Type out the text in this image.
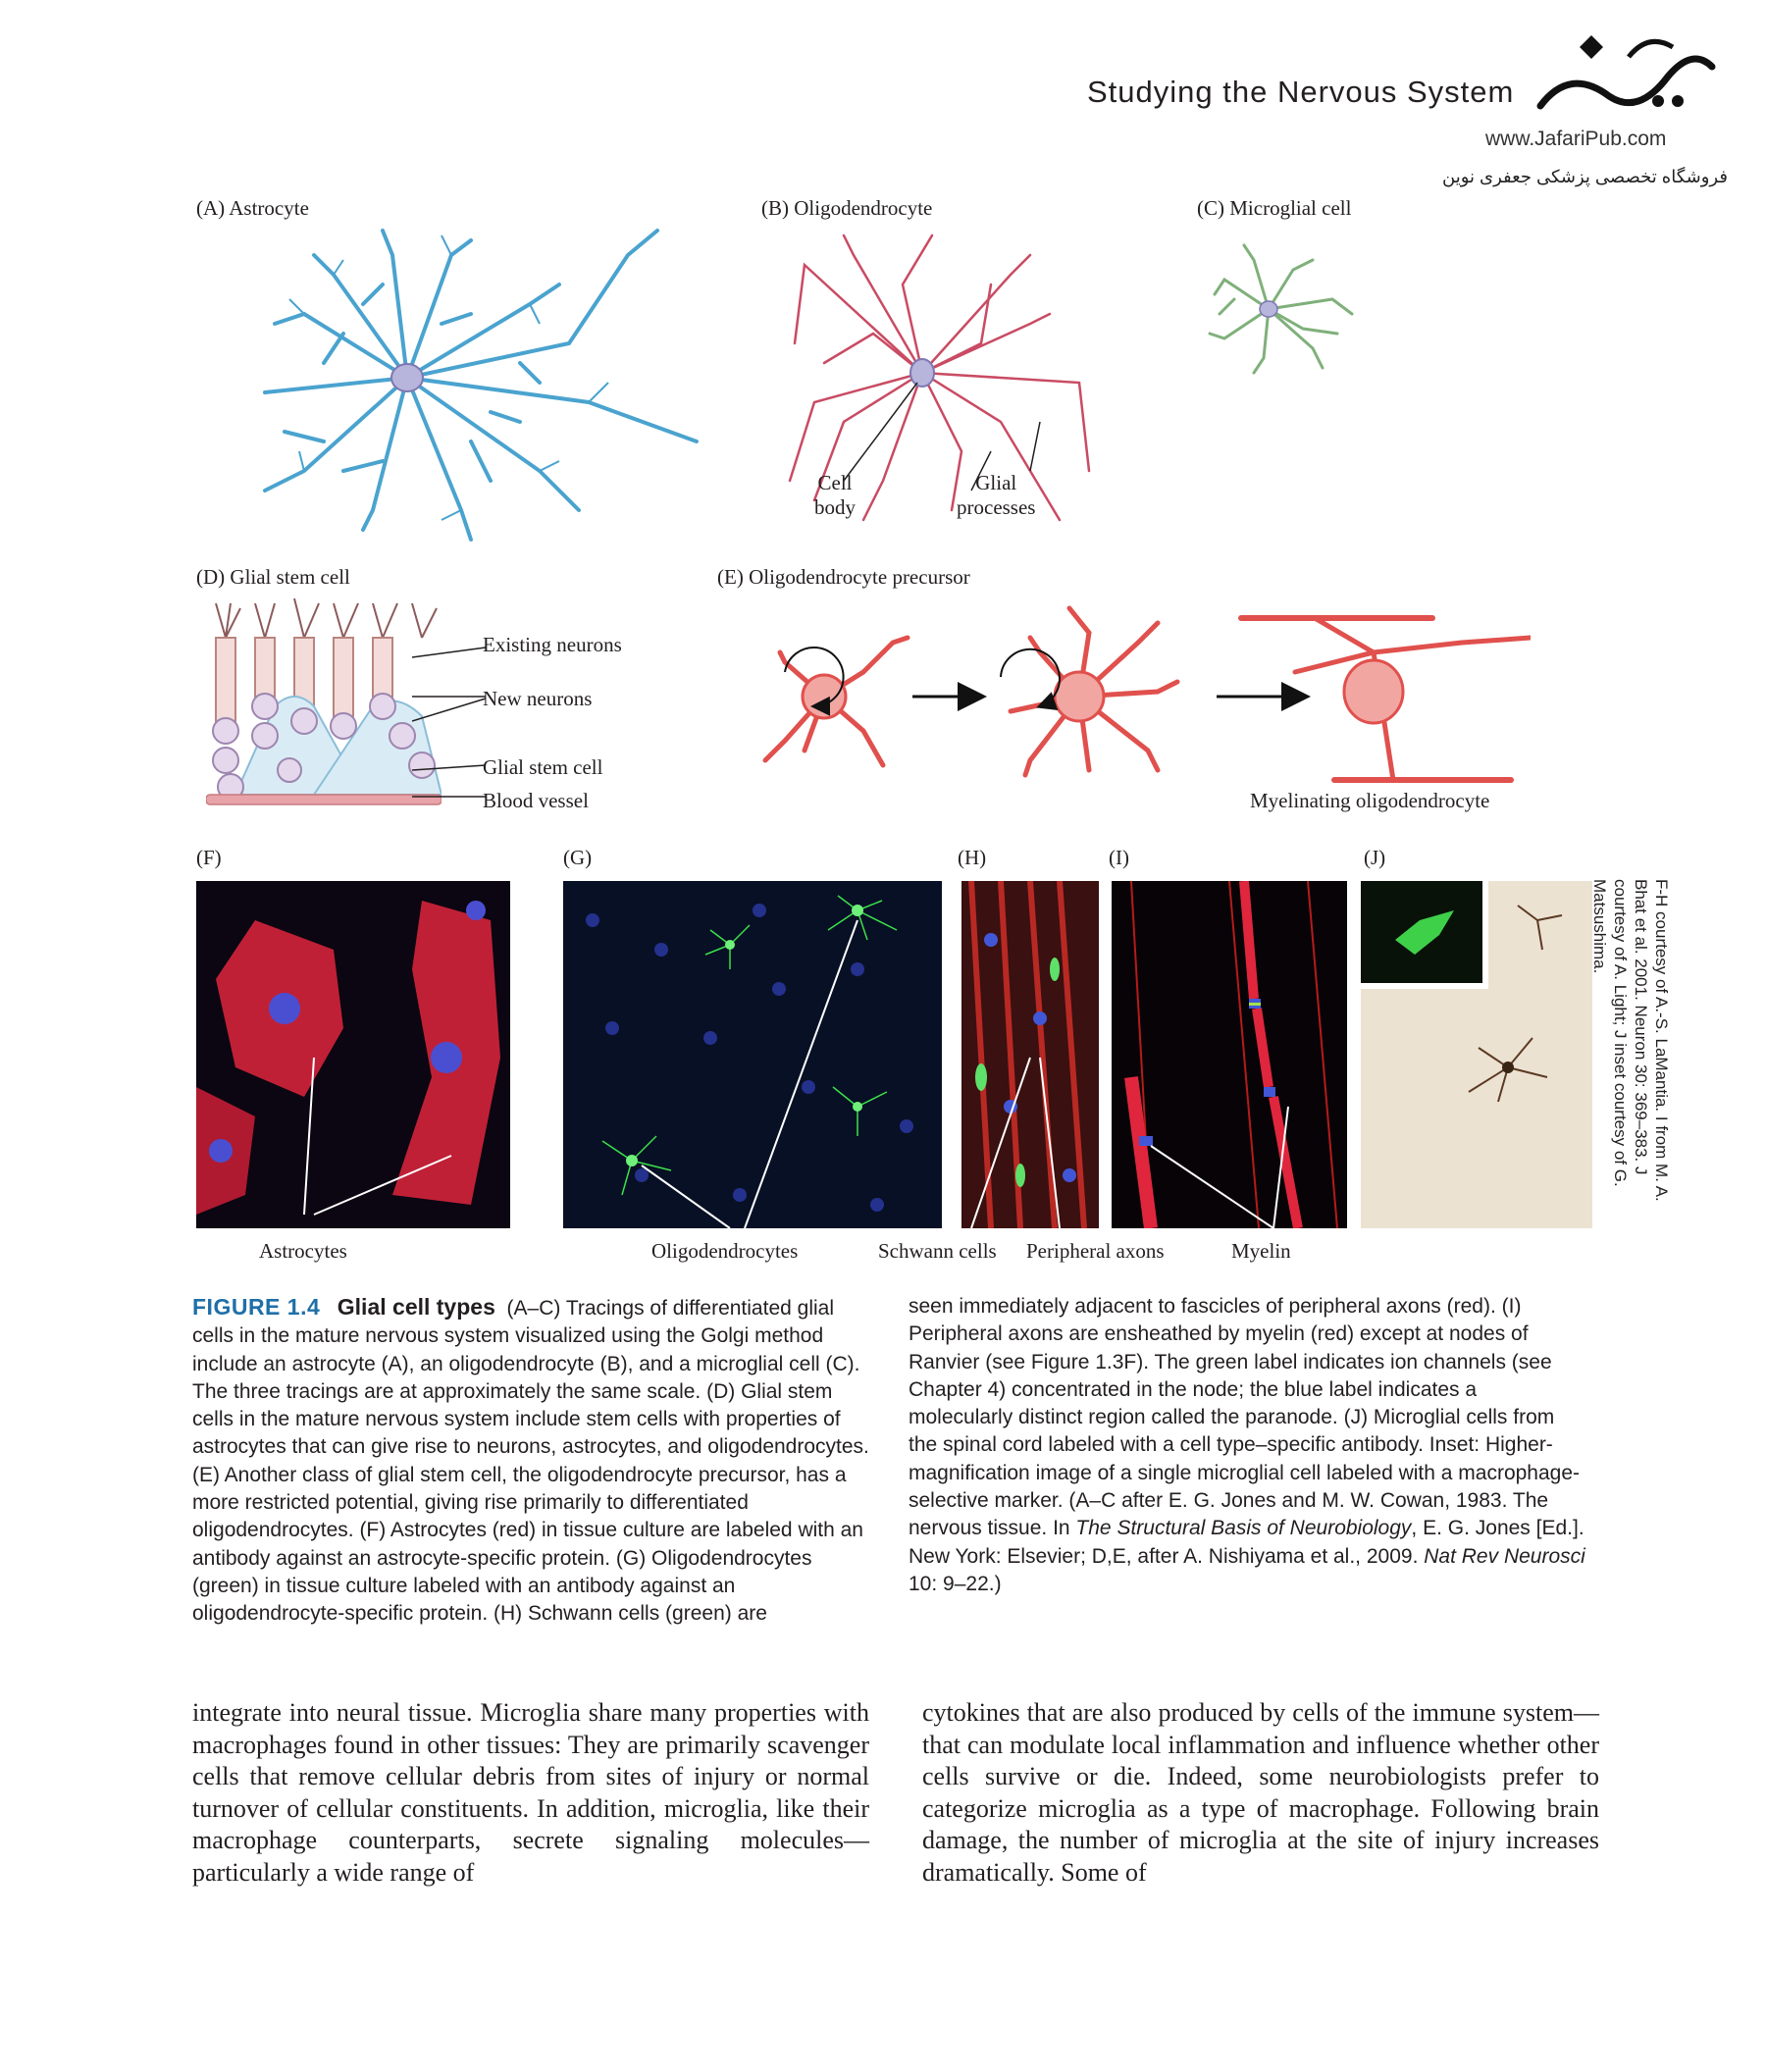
Studying the Nervous System
www.JafariPub.com
فروشگاه تخصصی پزشکی جعفری نوین
(A) Astrocyte	(B) Oligodendrocyte	(C) Microglial cell
(D) Glial stem cell	(E) Oligodendrocyte precursor
(F)	(G)	(H)	(I)	(J)
Cell
body
Glial
processes
Existing neurons
New neurons
Glial stem cell
Blood vessel	Myelinating oligodendrocyte
Astrocytes	Oligodendrocytes	Schwann cells Peripheral axons	Myelin
F-H courtesy of A.-S. LaMantia. I from M. A. Bhat et al. 2001. Neuron 30: 369–383. J courtesy of A. Light; J inset courtesy of G. Matsushima.
FIGURE 1.4 Glial cell types (A–C) Tracings of differentiated glial cells in the mature nervous system visualized using the Golgi method include an astrocyte (A), an oligodendrocyte (B), and a microglial cell (C). The three tracings are at approximately the same scale. (D) Glial stem cells in the mature nervous system include stem cells with properties of astrocytes that can give rise to neurons, astrocytes, and oligodendrocytes. (E) Another class of glial stem cell, the oligodendrocyte precursor, has a more restricted potential, giving rise primarily to differentiated oligodendrocytes. (F) Astrocytes (red) in tissue culture are labeled with an antibody against an astrocyte-specific protein. (G) Oligodendrocytes (green) in tissue culture labeled with an antibody against an oligodendrocyte-specific protein. (H) Schwann cells (green) are
seen immediately adjacent to fascicles of peripheral axons (red). (I) Peripheral axons are ensheathed by myelin (red) except at nodes of Ranvier (see Figure 1.3F). The green label indicates ion channels (see Chapter 4) concentrated in the node; the blue label indicates a molecularly distinct region called the paranode. (J) Microglial cells from the spinal cord labeled with a cell type–specific antibody. Inset: Higher-magnification image of a single microglial cell labeled with a macrophage-selective marker. (A–C after E. G. Jones and M. W. Cowan, 1983. The nervous tissue. In The Structural Basis of Neurobiology, E. G. Jones [Ed.]. New York: Elsevier; D,E, after A. Nishiyama et al., 2009. Nat Rev Neurosci 10: 9–22.)
integrate into neural tissue. Microglia share many properties with macrophages found in other tissues: They are primarily scavenger cells that remove cellular debris from sites of injury or normal turnover of cellular constituents. In addition, microglia, like their macrophage counterparts, secrete signaling molecules—particularly a wide range of
cytokines that are also produced by cells of the immune system—that can modulate local inflammation and influence whether other cells survive or die. Indeed, some neurobiologists prefer to categorize microglia as a type of macrophage. Following brain damage, the number of microglia at the site of injury increases dramatically. Some of
